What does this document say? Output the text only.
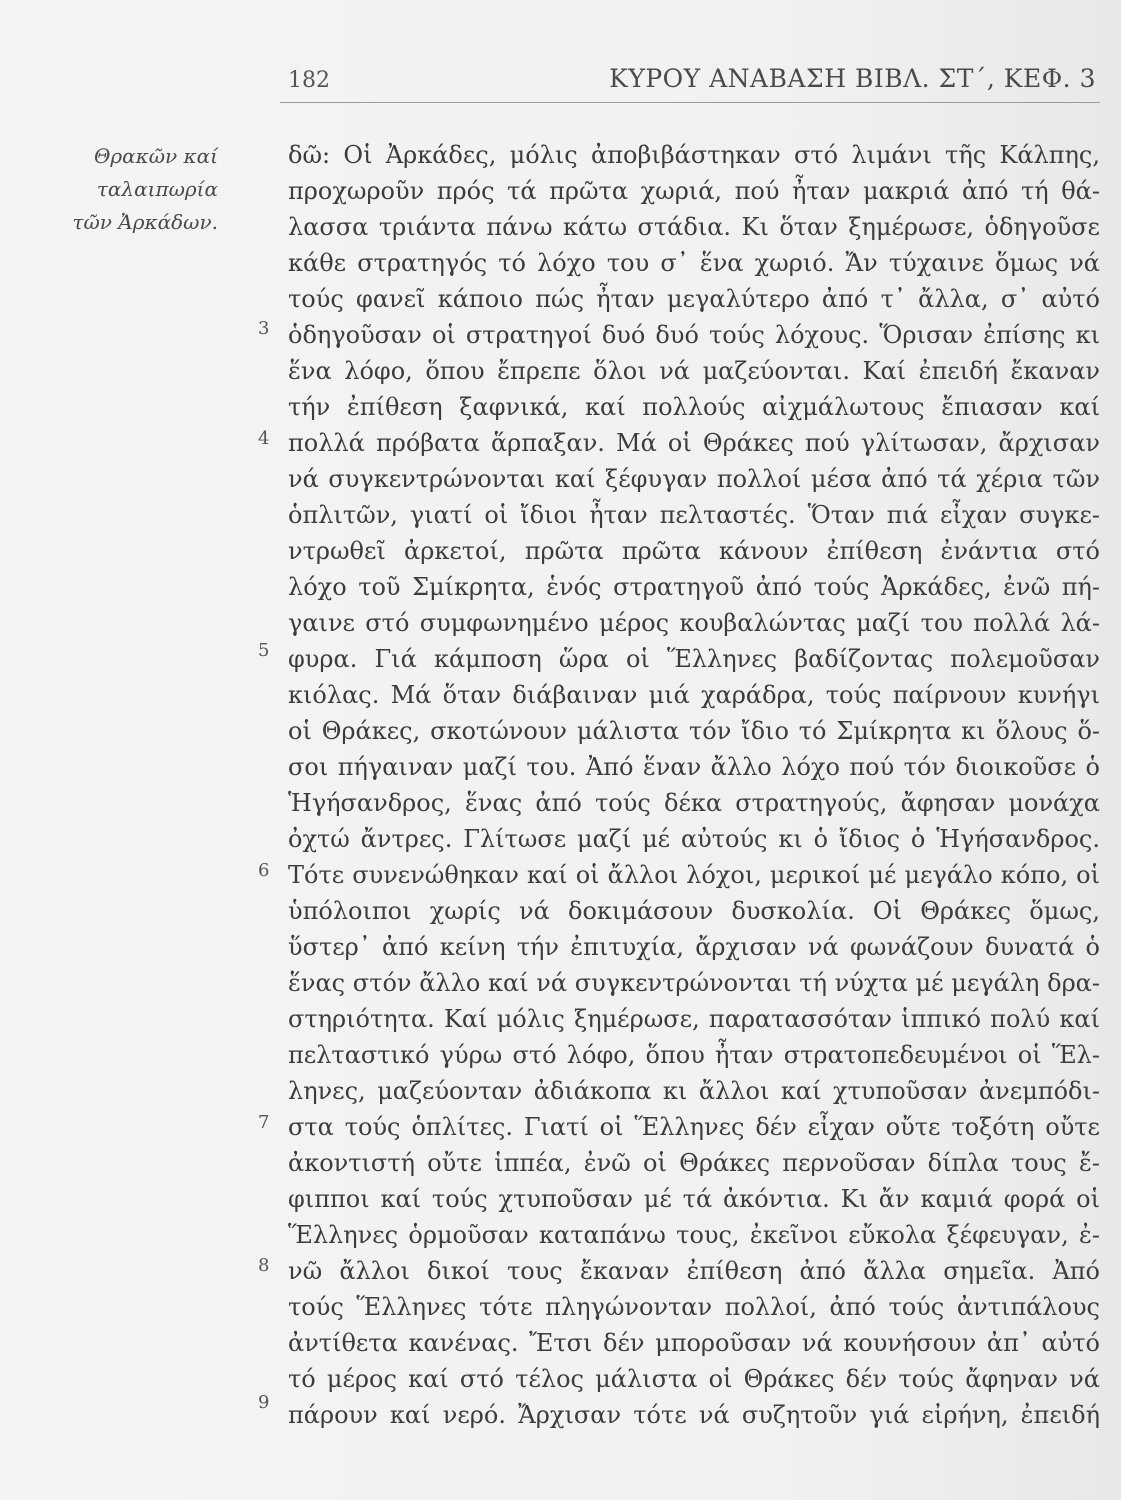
182	ΚΥΡΟΥ ΑΝΑΒΑΣΗ ΒΙΒΛ. ΣΤ΄, ΚΕΦ. 3
Θρακῶν καί
ταλαιπωρία
τῶν Ἀρκάδων.
3
4
5
6
7
8
9
δῶ: Οἱ Ἀρκάδες, μόλις ἀποβιβάστηκαν στό λιμάνι τῆς Κάλπης,
προχωροῦν πρός τά πρῶτα χωριά, πού ἦταν μακριά ἀπό τή θά-
λασσα τριάντα πάνω κάτω στάδια. Κι ὅταν ξημέρωσε, ὁδηγοῦσε
κάθε στρατηγός τό λόχο του σ᾿ ἕνα χωριό. Ἄν τύχαινε ὅμως νά
τούς φανεῖ κάποιο πώς ἦταν μεγαλύτερο ἀπό τ᾿ ἄλλα, σ᾿ αὐτό
ὁδηγοῦσαν οἱ στρατηγοί δυό δυό τούς λόχους. Ὅρισαν ἐπίσης κι
ἕνα λόφο, ὅπου ἔπρεπε ὅλοι νά μαζεύονται. Καί ἐπειδή ἔκαναν
τήν ἐπίθεση ξαφνικά, καί πολλούς αἰχμάλωτους ἔπιασαν καί
πολλά πρόβατα ἅρπαξαν. Μά οἱ Θράκες πού γλίτωσαν, ἄρχισαν
νά συγκεντρώνονται καί ξέφυγαν πολλοί μέσα ἀπό τά χέρια τῶν
ὁπλιτῶν, γιατί οἱ ἴδιοι ἦταν πελταστές. Ὅταν πιά εἶχαν συγκε-
ντρωθεῖ ἀρκετοί, πρῶτα πρῶτα κάνουν ἐπίθεση ἐνάντια στό
λόχο τοῦ Σμίκρητα, ἑνός στρατηγοῦ ἀπό τούς Ἀρκάδες, ἐνῶ πή-
γαινε στό συμφωνημένο μέρος κουβαλώντας μαζί του πολλά λά-
φυρα. Γιά κάμποση ὥρα οἱ Ἕλληνες βαδίζοντας πολεμοῦσαν
κιόλας. Μά ὅταν διάβαιναν μιά χαράδρα, τούς παίρνουν κυνήγι
οἱ Θράκες, σκοτώνουν μάλιστα τόν ἴδιο τό Σμίκρητα κι ὅλους ὅ-
σοι πήγαιναν μαζί του. Ἀπό ἕναν ἄλλο λόχο πού τόν διοικοῦσε ὁ
Ἡγήσανδρος, ἕνας ἀπό τούς δέκα στρατηγούς, ἄφησαν μονάχα
ὀχτώ ἄντρες. Γλίτωσε μαζί μέ αὐτούς κι ὁ ἴδιος ὁ Ἡγήσανδρος.
Τότε συνενώθηκαν καί οἱ ἄλλοι λόχοι, μερικοί μέ μεγάλο κόπο, οἱ
ὑπόλοιποι χωρίς νά δοκιμάσουν δυσκολία. Οἱ Θράκες ὅμως,
ὕστερ᾿ ἀπό κείνη τήν ἐπιτυχία, ἄρχισαν νά φωνάζουν δυνατά ὁ
ἕνας στόν ἄλλο καί νά συγκεντρώνονται τή νύχτα μέ μεγάλη δρα-
στηριότητα. Καί μόλις ξημέρωσε, παρατασσόταν ἱππικό πολύ καί
πελταστικό γύρω στό λόφο, ὅπου ἦταν στρατοπεδευμένοι οἱ Ἕλ-
ληνες, μαζεύονταν ἀδιάκοπα κι ἄλλοι καί χτυποῦσαν ἀνεμπόδι-
στα τούς ὁπλίτες. Γιατί οἱ Ἕλληνες δέν εἶχαν οὔτε τοξότη οὔτε
ἀκοντιστή οὔτε ἱππέα, ἐνῶ οἱ Θράκες περνοῦσαν δίπλα τους ἔ-
φιπποι καί τούς χτυποῦσαν μέ τά ἀκόντια. Κι ἄν καμιά φορά οἱ
Ἕλληνες ὁρμοῦσαν καταπάνω τους, ἐκεῖνοι εὔκολα ξέφευγαν, ἐ-
νῶ ἄλλοι δικοί τους ἔκαναν ἐπίθεση ἀπό ἄλλα σημεῖα. Ἀπό
τούς Ἕλληνες τότε πληγώνονταν πολλοί, ἀπό τούς ἀντιπάλους
ἀντίθετα κανένας. Ἔτσι δέν μποροῦσαν νά κουνήσουν ἀπ᾿ αὐτό
τό μέρος καί στό τέλος μάλιστα οἱ Θράκες δέν τούς ἄφηναν νά
πάρουν καί νερό. Ἄρχισαν τότε νά συζητοῦν γιά εἰρήνη, ἐπειδή
